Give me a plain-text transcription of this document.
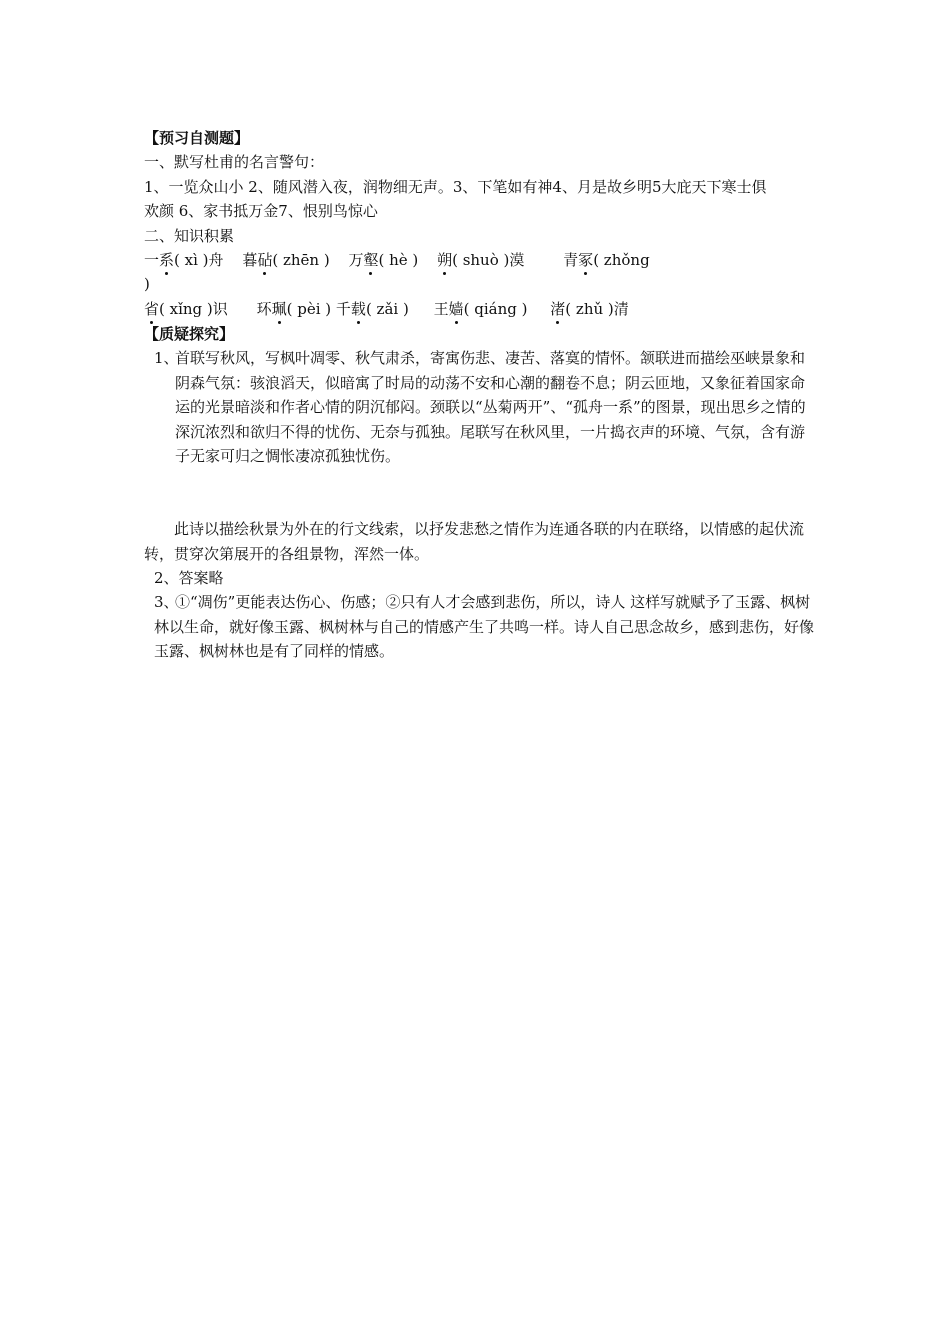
【预习自测题】
一、默写杜甫的名言警句：
1、一览众山小 2、随风潜入夜，润物细无声。3、下笔如有神4、月是故乡明5大庇天下寒士俱
欢颜 6、家书抵万金7、恨别鸟惊心
二、知识积累
一系( xì )舟 暮砧( zhēn ) 万壑( hè ) 朔( shuò )漠	青冢( zhǒng
)
省( xǐng )识 环珮( pèi ) 千载( zǎi ) 王嫱( qiáng ) 渚( zhǔ )清
【质疑探究】
1、
首联写秋风，写枫叶凋零、秋气肃杀，寄寓伤悲、凄苦、落寞的情怀。颔联进而描绘巫峡景象和阴森气氛：骇浪滔天，似暗寓了时局的动荡不安和心潮的翻卷不息；阴云匝地，又象征着国家命运的光景暗淡和作者心情的阴沉郁闷。颈联以“丛菊两开”、“孤舟一系”的图景，现出思乡之情的深沉浓烈和欲归不得的忧伤、无奈与孤独。尾联写在秋风里，一片捣衣声的环境、气氛，含有游子无家可归之惆怅凄凉孤独忧伤。
此诗以描绘秋景为外在的行文线索，以抒发悲愁之情作为连通各联的内在联络，以情感的起伏流转，贯穿次第展开的各组景物，浑然一体。
2、答案略
3、
①“凋伤”更能表达伤心、伤感；②只有人才会感到悲伤，所以，诗人 这样写就赋予了玉露、枫树林以生命，就好像玉露、枫树林与自己的情感产生了共鸣一样。诗人自己思念故乡，感到悲伤，好像玉露、枫树林也是有了同样的情感。
